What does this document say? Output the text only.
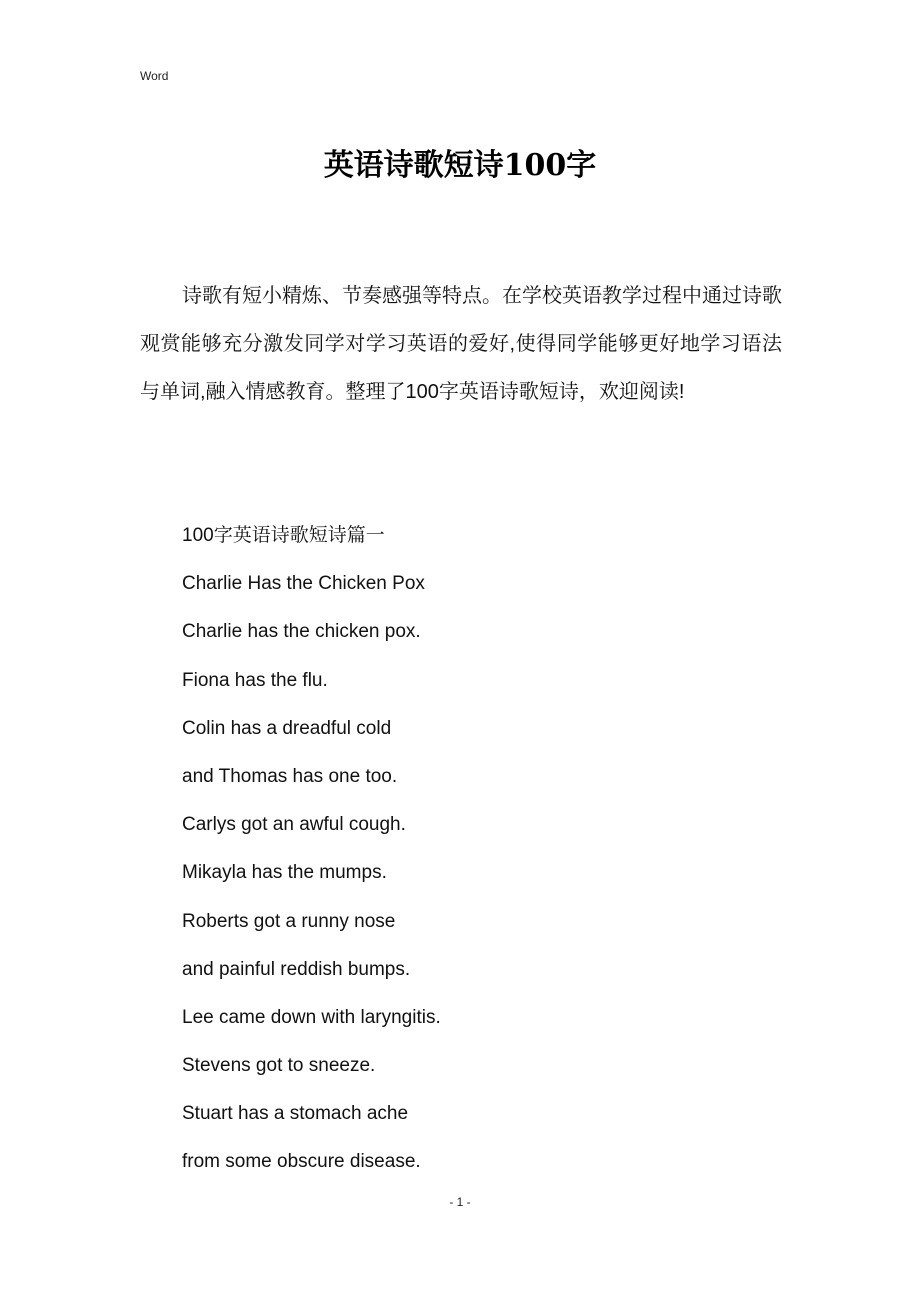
Word
英语诗歌短诗100字

诗歌有短小精炼、节奏感强等特点。在学校英语教学过程中通过诗歌观赏能够充分激发同学对学习英语的爱好,使得同学能够更好地学习语法与单词,融入情感教育。整理了100字英语诗歌短诗，欢迎阅读!

100字英语诗歌短诗篇一
Charlie Has the Chicken Pox
Charlie has the chicken pox.
Fiona has the flu.
Colin has a dreadful cold
and Thomas has one too.
Carlys got an awful cough.
Mikayla has the mumps.
Roberts got a runny nose
and painful reddish bumps.
Lee came down with laryngitis.
Stevens got to sneeze.
Stuart has a stomach ache
from some obscure disease.
- 1 -
